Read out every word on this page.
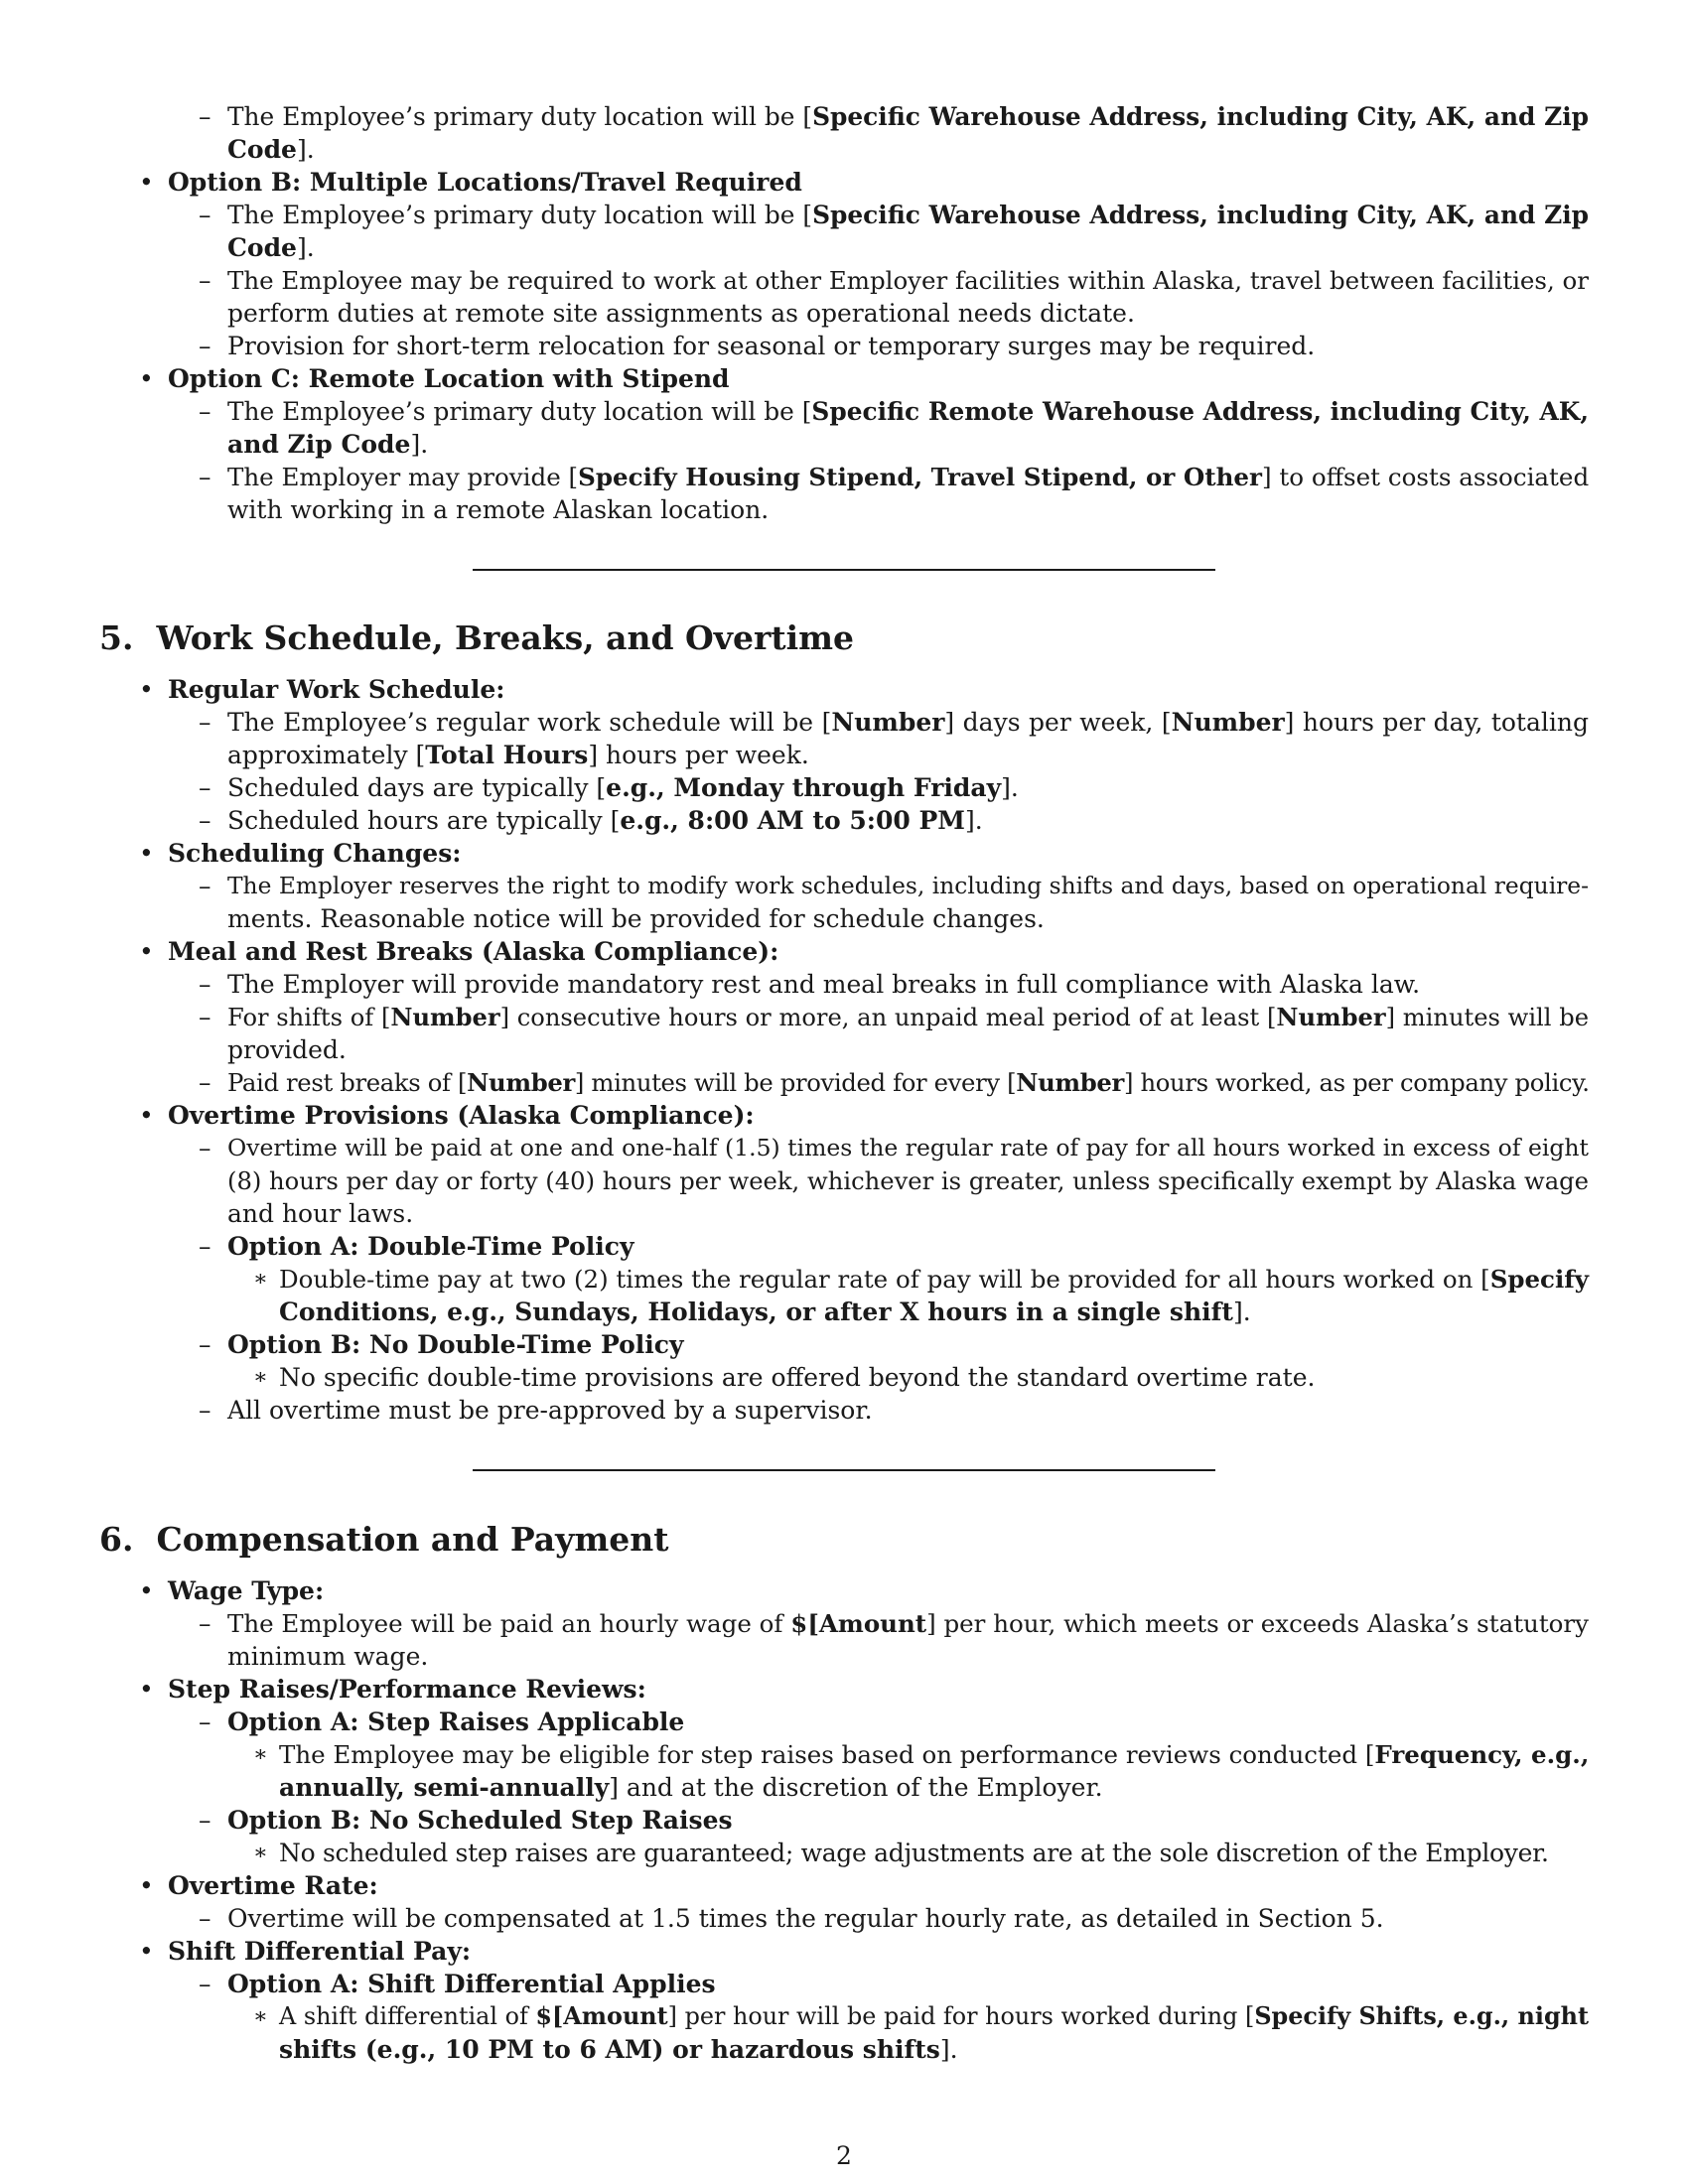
– The Employee’s primary duty location will be [Specific Warehouse Address, including City, AK, and Zip
Code].
• Option B: Multiple Locations/Travel Required
– The Employee’s primary duty location will be [Specific Warehouse Address, including City, AK, and Zip
Code].
– The Employee may be required to work at other Employer facilities within Alaska, travel between facilities, or
perform duties at remote site assignments as operational needs dictate.
– Provision for short-term relocation for seasonal or temporary surges may be required.
• Option C: Remote Location with Stipend
– The Employee’s primary duty location will be [Specific Remote Warehouse Address, including City, AK,
and Zip Code].
– The Employer may provide [Specify Housing Stipend, Travel Stipend, or Other] to offset costs associated
with working in a remote Alaskan location.
5. Work Schedule, Breaks, and Overtime
• Regular Work Schedule:
– The Employee’s regular work schedule will be [Number] days per week, [Number] hours per day, totaling
approximately [Total Hours] hours per week.
– Scheduled days are typically [e.g., Monday through Friday].
– Scheduled hours are typically [e.g., 8:00 AM to 5:00 PM].
• Scheduling Changes:
– The Employer reserves the right to modify work schedules, including shifts and days, based on operational require-
ments. Reasonable notice will be provided for schedule changes.
• Meal and Rest Breaks (Alaska Compliance):
– The Employer will provide mandatory rest and meal breaks in full compliance with Alaska law.
– For shifts of [Number] consecutive hours or more, an unpaid meal period of at least [Number] minutes will be
provided.
– Paid rest breaks of [Number] minutes will be provided for every [Number] hours worked, as per company policy.
• Overtime Provisions (Alaska Compliance):
– Overtime will be paid at one and one-half (1.5) times the regular rate of pay for all hours worked in excess of eight
(8) hours per day or forty (40) hours per week, whichever is greater, unless specifically exempt by Alaska wage
and hour laws.
– Option A: Double-Time Policy
∗ Double-time pay at two (2) times the regular rate of pay will be provided for all hours worked on [Specify
Conditions, e.g., Sundays, Holidays, or after X hours in a single shift].
– Option B: No Double-Time Policy
∗ No specific double-time provisions are offered beyond the standard overtime rate.
– All overtime must be pre-approved by a supervisor.
6. Compensation and Payment
• Wage Type:
– The Employee will be paid an hourly wage of $[Amount] per hour, which meets or exceeds Alaska’s statutory
minimum wage.
• Step Raises/Performance Reviews:
– Option A: Step Raises Applicable
∗ The Employee may be eligible for step raises based on performance reviews conducted [Frequency, e.g.,
annually, semi-annually] and at the discretion of the Employer.
– Option B: No Scheduled Step Raises
∗ No scheduled step raises are guaranteed; wage adjustments are at the sole discretion of the Employer.
• Overtime Rate:
– Overtime will be compensated at 1.5 times the regular hourly rate, as detailed in Section 5.
• Shift Differential Pay:
– Option A: Shift Differential Applies
∗ A shift differential of $[Amount] per hour will be paid for hours worked during [Specify Shifts, e.g., night
shifts (e.g., 10 PM to 6 AM) or hazardous shifts].
2
